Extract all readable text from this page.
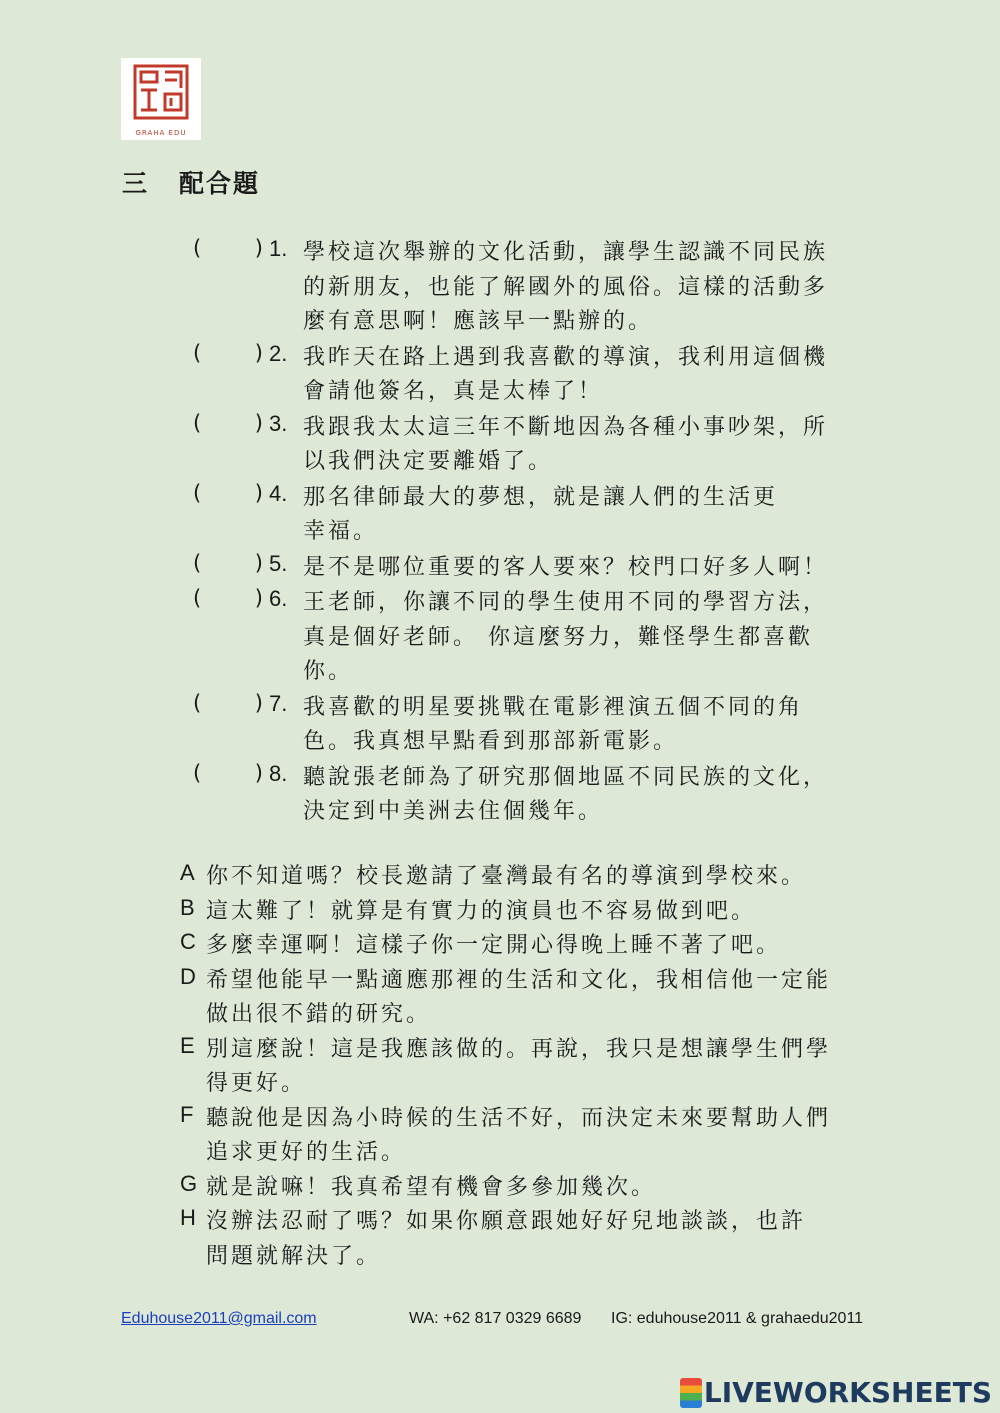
GRAHA EDU
三 配合題
(	) 1. 學校這次舉辦的文化活動，讓學生認識不同民族
的新朋友，也能了解國外的風俗。這樣的活動多
麼有意思啊！應該早一點辦的。
(	) 2. 我昨天在路上遇到我喜歡的導演，我利用這個機
會請他簽名，真是太棒了！
(	) 3. 我跟我太太這三年不斷地因為各種小事吵架，所
以我們決定要離婚了。
(	) 4. 那名律師最大的夢想，就是讓人們的生活更
幸福。
(	) 5. 是不是哪位重要的客人要來？校門口好多人啊！
(	) 6. 王老師，你讓不同的學生使用不同的學習方法，
真是個好老師。 你這麼努力，難怪學生都喜歡
你。
(	) 7. 我喜歡的明星要挑戰在電影裡演五個不同的角
色。我真想早點看到那部新電影。
(	) 8. 聽說張老師為了研究那個地區不同民族的文化，
決定到中美洲去住個幾年。
A 你不知道嗎？校長邀請了臺灣最有名的導演到學校來。
B 這太難了！就算是有實力的演員也不容易做到吧。
C 多麼幸運啊！這樣子你一定開心得晚上睡不著了吧。
D 希望他能早一點適應那裡的生活和文化，我相信他一定能
做出很不錯的研究。
E 別這麼說！這是我應該做的。再說，我只是想讓學生們學
得更好。
F 聽說他是因為小時候的生活不好，而決定未來要幫助人們
追求更好的生活。
G 就是說嘛！我真希望有機會多參加幾次。
H 沒辦法忍耐了嗎？如果你願意跟她好好兒地談談，也許
問題就解決了。
Eduhouse2011@gmail.com	WA: +62 817 0329 6689 IG: eduhouse2011 & grahaedu2011
LIVEWORKSHEETS
